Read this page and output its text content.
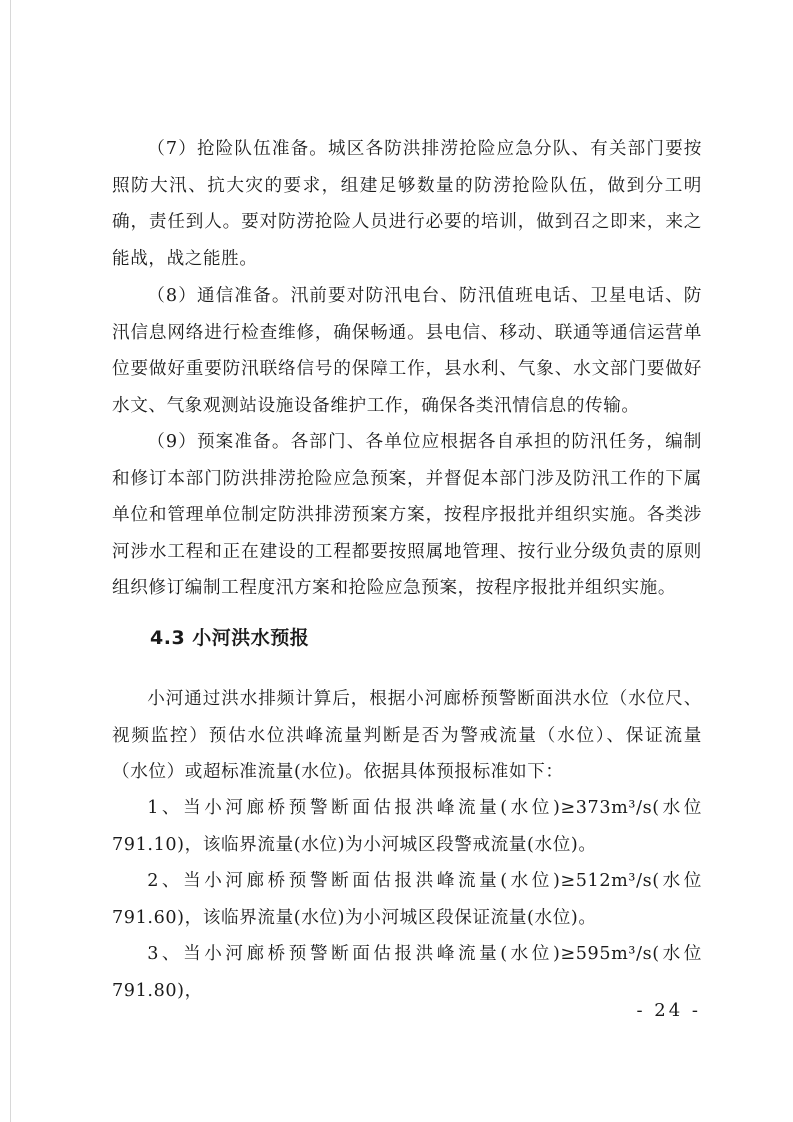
（7）抢险队伍准备。城区各防洪排涝抢险应急分队、有关部门要按照防大汛、抗大灾的要求，组建足够数量的防涝抢险队伍，做到分工明确，责任到人。要对防涝抢险人员进行必要的培训，做到召之即来，来之能战，战之能胜。

（8）通信准备。汛前要对防汛电台、防汛值班电话、卫星电话、防汛信息网络进行检查维修，确保畅通。县电信、移动、联通等通信运营单位要做好重要防汛联络信号的保障工作，县水利、气象、水文部门要做好水文、气象观测站设施设备维护工作，确保各类汛情信息的传输。

（9）预案准备。各部门、各单位应根据各自承担的防汛任务，编制和修订本部门防洪排涝抢险应急预案，并督促本部门涉及防汛工作的下属单位和管理单位制定防洪排涝预案方案，按程序报批并组织实施。各类涉河涉水工程和正在建设的工程都要按照属地管理、按行业分级负责的原则组织修订编制工程度汛方案和抢险应急预案，按程序报批并组织实施。

4.3 小河洪水预报

小河通过洪水排频计算后，根据小河廊桥预警断面洪水位（水位尺、视频监控）预估水位洪峰流量判断是否为警戒流量（水位）、保证流量（水位）或超标准流量(水位)。依据具体预报标准如下：

1、当小河廊桥预警断面估报洪峰流量(水位)≥373m³/s(水位 791.10)，该临界流量(水位)为小河城区段警戒流量(水位)。

2、当小河廊桥预警断面估报洪峰流量(水位)≥512m³/s(水位 791.60)，该临界流量(水位)为小河城区段保证流量(水位)。

3、当小河廊桥预警断面估报洪峰流量(水位)≥595m³/s(水位 791.80)，

- 24 -
